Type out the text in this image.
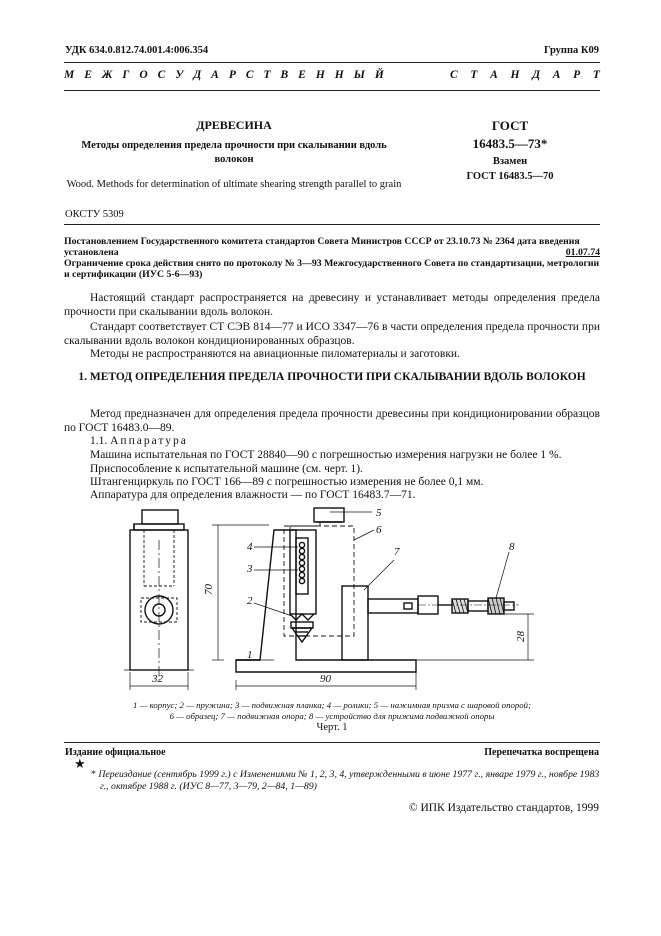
УДК 634.0.812.74.001.4:006.354	Группа К09
М Е Ж Г О С У Д А Р С Т В Е Н Н Ы Й	С Т А Н Д А Р Т
ДРЕВЕСИНА
Методы определения предела прочности при скалывании вдоль волокон
Wood. Methods for determination of ultimate shearing strength parallel to grain
ГОСТ
16483.5—73*
Взамен
ГОСТ 16483.5—70
ОКСТУ 5309
Постановлением Государственного комитета стандартов Совета Министров СССР от 23.10.73 № 2364 дата введения установлена	01.07.74
Ограничение срока действия снято по протоколу № 3—93 Межгосударственного Совета по стандартизации, метрологии и сертификации (ИУС 5-6—93)
Настоящий стандарт распространяется на древесину и устанавливает методы определения предела прочности при скалывании вдоль волокон.
Стандарт соответствует СТ СЭВ 814—77 и ИСО 3347—76 в части определения предела прочности при скалывании вдоль волокон кондиционированных образцов.
Методы не распространяются на авиационные пиломатериалы и заготовки.
1. МЕТОД ОПРЕДЕЛЕНИЯ ПРЕДЕЛА ПРОЧНОСТИ ПРИ СКАЛЫВАНИИ ВДОЛЬ ВОЛОКОН
Метод предназначен для определения предела прочности древесины при кондиционировании образцов по ГОСТ 16483.0—89.
1.1. Аппаратура
Машина испытательная по ГОСТ 28840—90 с погрешностью измерения нагрузки не более 1 %.
Приспособление к испытательной машине (см. черт. 1).
Штангенциркуль по ГОСТ 166—89 с погрешностью измерения не более 0,1 мм.
Аппаратура для определения влажности — по ГОСТ 16483.7—71.
5
6
7	8
4
3
2
1
32
70
90
28
1 — корпус; 2 — пружина; 3 — подвижная планка; 4 — ролики; 5 — нажимная призма с шаровой опорой;
6 — образец; 7 — подвижная опора; 8 — устройство для прижима подвижной опоры
Черт. 1
Издание официальное	Перепечатка воспрещена
★
* Переиздание (сентябрь 1999 г.) с Изменениями № 1, 2, 3, 4, утвержденными в июне 1977 г., январе 1979 г., ноябре 1983 г., октябре 1988 г. (ИУС 8—77, 3—79, 2—84, 1—89)
© ИПК Издательство стандартов, 1999
